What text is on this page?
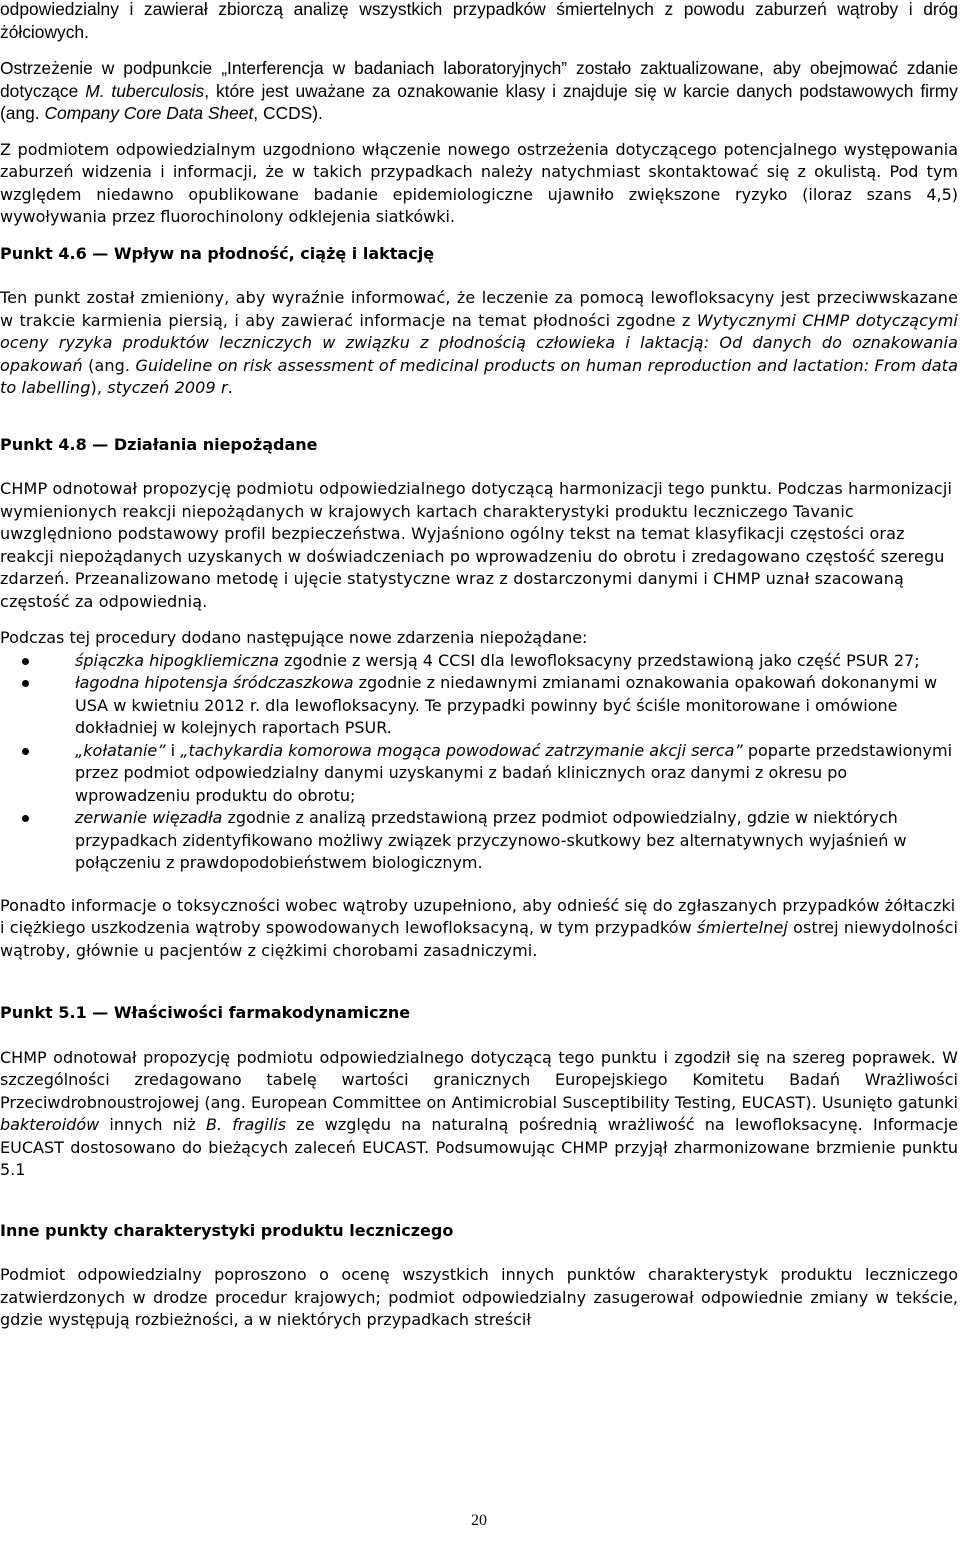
odpowiedzialny i zawierał zbiorczą analizę wszystkich przypadków śmiertelnych z powodu zaburzeń wątroby i dróg żółciowych.

Ostrzeżenie w podpunkcie „Interferencja w badaniach laboratoryjnych” zostało zaktualizowane, aby obejmować zdanie dotyczące M. tuberculosis, które jest uważane za oznakowanie klasy i znajduje się w karcie danych podstawowych firmy (ang. Company Core Data Sheet, CCDS).

Z podmiotem odpowiedzialnym uzgodniono włączenie nowego ostrzeżenia dotyczącego potencjalnego występowania zaburzeń widzenia i informacji, że w takich przypadkach należy natychmiast skontaktować się z okulistą. Pod tym względem niedawno opublikowane badanie epidemiologiczne ujawniło zwiększone ryzyko (iloraz szans 4,5) wywoływania przez fluorochinolony odklejenia siatkówki.

Punkt 4.6 — Wpływ na płodność, ciążę i laktację

Ten punkt został zmieniony, aby wyraźnie informować, że leczenie za pomocą lewofloksacyny jest przeciwwskazane w trakcie karmienia piersią, i aby zawierać informacje na temat płodności zgodne z Wytycznymi CHMP dotyczącymi oceny ryzyka produktów leczniczych w związku z płodnością człowieka i laktacją: Od danych do oznakowania opakowań (ang. Guideline on risk assessment of medicinal products on human reproduction and lactation: From data to labelling), styczeń 2009 r.

Punkt 4.8 — Działania niepożądane

CHMP odnotował propozycję podmiotu odpowiedzialnego dotyczącą harmonizacji tego punktu. Podczas harmonizacji wymienionych reakcji niepożądanych w krajowych kartach charakterystyki produktu leczniczego Tavanic uwzględniono podstawowy profil bezpieczeństwa. Wyjaśniono ogólny tekst na temat klasyfikacji częstości oraz reakcji niepożądanych uzyskanych w doświadczeniach po wprowadzeniu do obrotu i zredagowano częstość szeregu zdarzeń. Przeanalizowano metodę i ujęcie statystyczne wraz z dostarczonymi danymi i CHMP uznał szacowaną częstość za odpowiednią.

Podczas tej procedury dodano następujące nowe zdarzenia niepożądane:

śpiączka hipogkliemiczna zgodnie z wersją 4 CCSI dla lewofloksacyny przedstawioną jako część PSUR 27;
łagodna hipotensja śródczaszkowa zgodnie z niedawnymi zmianami oznakowania opakowań dokonanymi w USA w kwietniu 2012 r. dla lewofloksacyny. Te przypadki powinny być ściśle monitorowane i omówione dokładniej w kolejnych raportach PSUR.
„kołatanie” i „tachykardia komorowa mogąca powodować zatrzymanie akcji serca” poparte przedstawionymi przez podmiot odpowiedzialny danymi uzyskanymi z badań klinicznych oraz danymi z okresu po wprowadzeniu produktu do obrotu;
zerwanie więzadła zgodnie z analizą przedstawioną przez podmiot odpowiedzialny, gdzie w niektórych przypadkach zidentyfikowano możliwy związek przyczynowo-skutkowy bez alternatywnych wyjaśnień w połączeniu z prawdopodobieństwem biologicznym.

Ponadto informacje o toksyczności wobec wątroby uzupełniono, aby odnieść się do zgłaszanych przypadków żółtaczki i ciężkiego uszkodzenia wątroby spowodowanych lewofloksacyną, w tym przypadków śmiertelnej ostrej niewydolności wątroby, głównie u pacjentów z ciężkimi chorobami zasadniczymi.

Punkt 5.1 — Właściwości farmakodynamiczne

CHMP odnotował propozycję podmiotu odpowiedzialnego dotyczącą tego punktu i zgodził się na szereg poprawek. W szczególności zredagowano tabelę wartości granicznych Europejskiego Komitetu Badań Wrażliwości Przeciwdrobnoustrojowej (ang. European Committee on Antimicrobial Susceptibility Testing, EUCAST). Usunięto gatunki bakteroidów innych niż B. fragilis ze względu na naturalną pośrednią wrażliwość na lewofloksacynę. Informacje EUCAST dostosowano do bieżących zaleceń EUCAST. Podsumowując CHMP przyjął zharmonizowane brzmienie punktu 5.1

Inne punkty charakterystyki produktu leczniczego

Podmiot odpowiedzialny poproszono o ocenę wszystkich innych punktów charakterystyk produktu leczniczego zatwierdzonych w drodze procedur krajowych; podmiot odpowiedzialny zasugerował odpowiednie zmiany w tekście, gdzie występują rozbieżności, a w niektórych przypadkach streścił

20
